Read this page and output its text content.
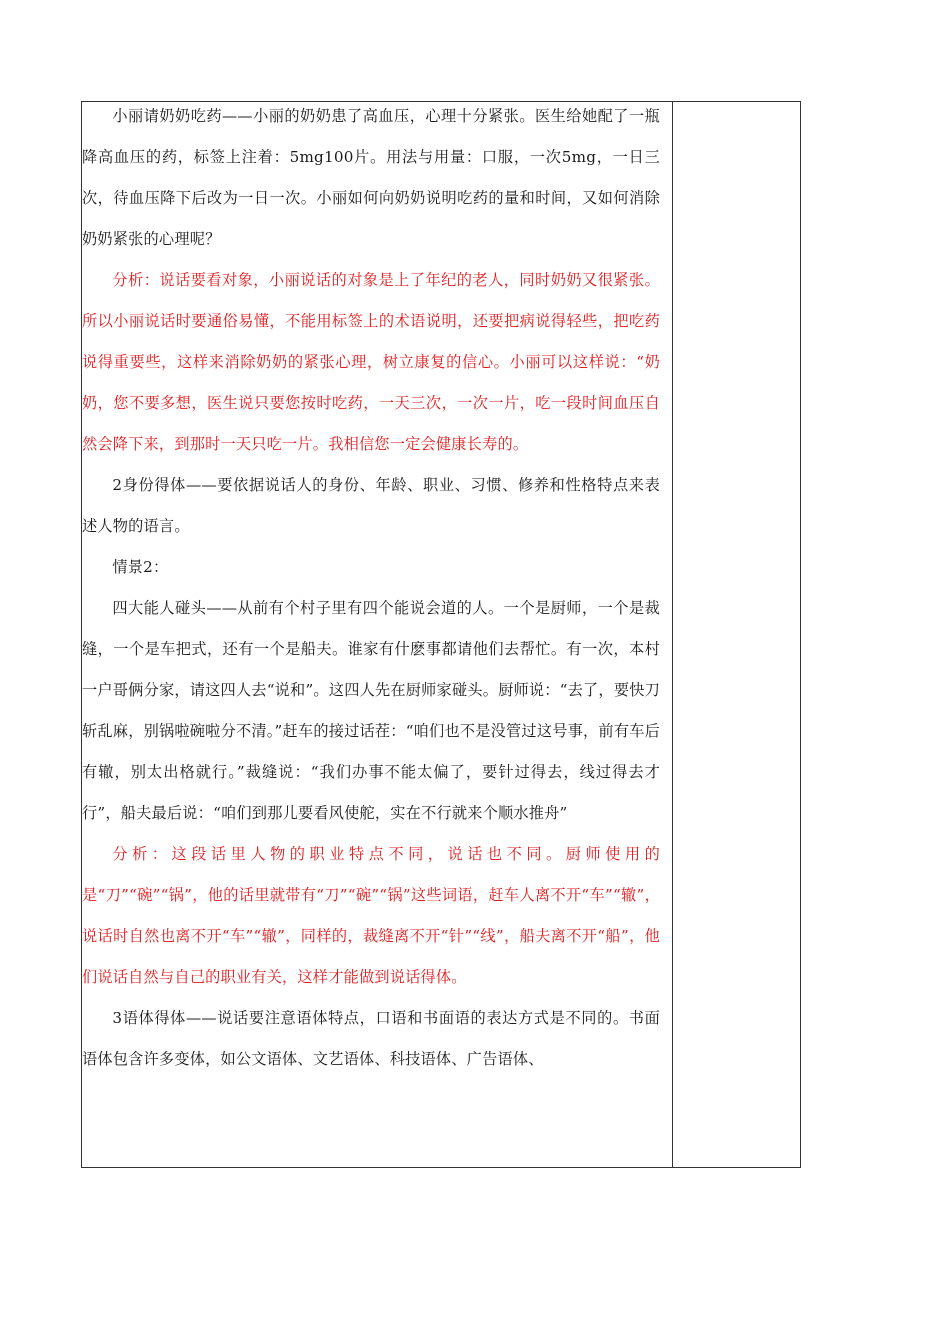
小丽请奶奶吃药——小丽的奶奶患了高血压，心理十分紧张。医生给她配了一瓶降高血压的药，标签上注着：5mg100片。用法与用量：口服，一次5mg，一日三次，待血压降下后改为一日一次。小丽如何向奶奶说明吃药的量和时间，又如何消除奶奶紧张的心理呢？

分析：说话要看对象，小丽说话的对象是上了年纪的老人，同时奶奶又很紧张。所以小丽说话时要通俗易懂，不能用标签上的术语说明，还要把病说得轻些，把吃药说得重要些，这样来消除奶奶的紧张心理，树立康复的信心。小丽可以这样说：“奶奶，您不要多想，医生说只要您按时吃药，一天三次，一次一片，吃一段时间血压自然会降下来，到那时一天只吃一片。我相信您一定会健康长寿的。

2身份得体——要依据说话人的身份、年龄、职业、习惯、修养和性格特点来表述人物的语言。

情景2：

四大能人碰头——从前有个村子里有四个能说会道的人。一个是厨师，一个是裁缝，一个是车把式，还有一个是船夫。谁家有什麽事都请他们去帮忙。有一次，本村一户哥俩分家，请这四人去“说和”。这四人先在厨师家碰头。厨师说：“去了，要快刀斩乱麻，别锅啦碗啦分不清。”赶车的接过话茬：“咱们也不是没管过这号事，前有车后有辙，别太出格就行。”裁缝说：“我们办事不能太偏了，要针过得去，线过得去才行”，船夫最后说：“咱们到那儿要看风使舵，实在不行就来个顺水推舟”

分析：这段话里人物的职业特点不同，说话也不同。厨师使用的是“刀”“碗”“锅”，他的话里就带有“刀”“碗”“锅”这些词语，赶车人离不开“车”“辙”，说话时自然也离不开“车”“辙”，同样的，裁缝离不开“针”“线”，船夫离不开“船”，他们说话自然与自己的职业有关，这样才能做到说话得体。

3语体得体——说话要注意语体特点，口语和书面语的表达方式是不同的。书面语体包含许多变体，如公文语体、文艺语体、科技语体、广告语体、
